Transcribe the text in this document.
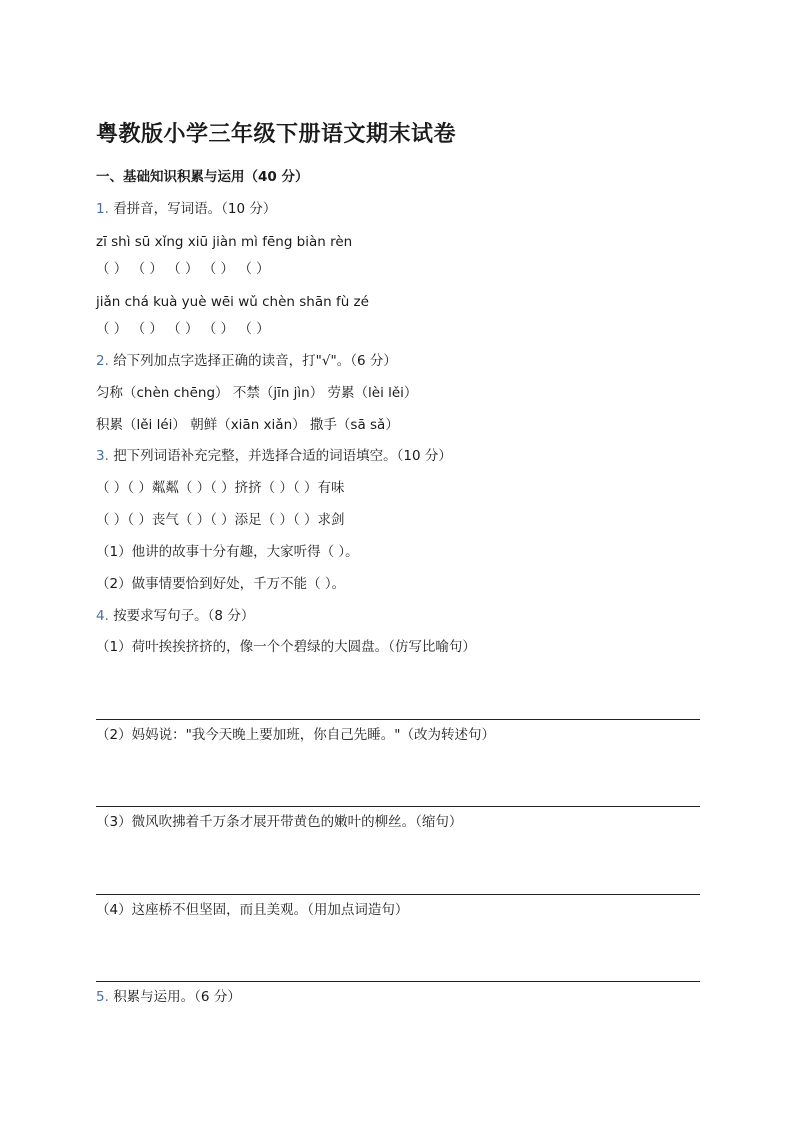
粤教版小学三年级下册语文期末试卷
一、基础知识积累与运用（40 分）
1. 看拼音，写词语。（10 分）
zī shì sū xǐng xiū jiàn mì fēng biàn rèn
（ ） （ ） （ ） （ ） （ ）
jiǎn chá kuà yuè wēi wǔ chèn shān fù zé
（ ） （ ） （ ） （ ） （ ）
2. 给下列加点字选择正确的读音，打"√"。（6 分）
匀称（chèn chēng） 不禁（jīn jìn） 劳累（lèi lěi）
积累（lěi léi） 朝鲜（xiān xiǎn） 撒手（sā sǎ）
3. 把下列词语补充完整，并选择合适的词语填空。（10 分）
（ ）（ ）粼粼（ ）（ ）挤挤（ ）（ ）有味
（ ）（ ）丧气（ ）（ ）添足（ ）（ ）求剑
（1）他讲的故事十分有趣，大家听得（ ）。
（2）做事情要恰到好处，千万不能（ ）。
4. 按要求写句子。（8 分）
（1）荷叶挨挨挤挤的，像一个个碧绿的大圆盘。（仿写比喻句）
（2）妈妈说："我今天晚上要加班，你自己先睡。"（改为转述句）
（3）微风吹拂着千万条才展开带黄色的嫩叶的柳丝。（缩句）
（4）这座桥不但坚固，而且美观。（用加点词造句）
5. 积累与运用。（6 分）
